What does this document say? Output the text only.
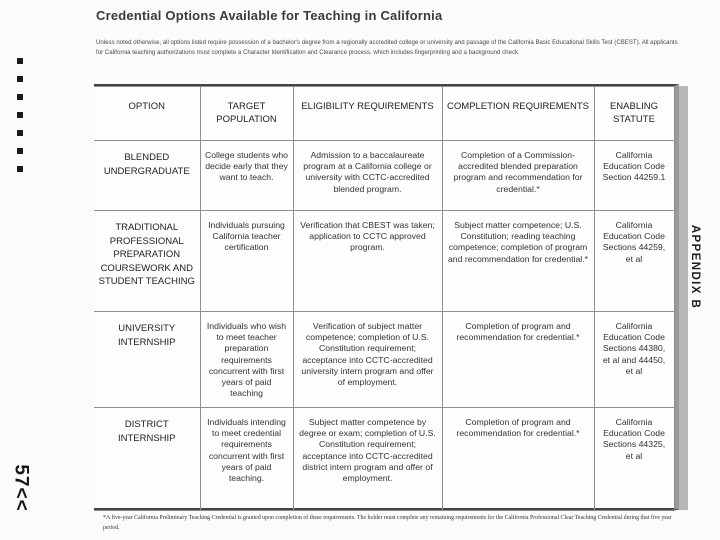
Credential Options Available for Teaching in California
Unless noted otherwise, all options listed require possession of a bachelor's degree from a regionally accredited college or university and passage of the California Basic Educational Skills Test (CBEST). All applicants for California teaching authorizations must complete a Character Identification and Clearance process, which includes fingerprinting and a background check.
57<<
APPENDIX B
OPTION	TARGET POPULATION	ELIGIBILITY REQUIREMENTS	COMPLETION REQUIREMENTS	ENABLING STATUTE
BLENDED UNDERGRADUATE	College students who decide early that they want to teach.	Admission to a baccalaureate program at a California college or university with CCTC-accredited blended program.	Completion of a Commission-accredited blended preparation program and recommendation for credential.*	California Education Code Section 44259.1
TRADITIONAL PROFESSIONAL PREPARATION COURSEWORK AND STUDENT TEACHING	Individuals pursuing California teacher certification	Verification that CBEST was taken; application to CCTC approved program.	Subject matter competence; U.S. Constitution; reading teaching competence; completion of program and recommendation for credential.*	California Education Code Sections 44259, et al
UNIVERSITY INTERNSHIP	Individuals who wish to meet teacher preparation requirements concurrent with first years of paid teaching	Verification of subject matter competence; completion of U.S. Constitution requirement; acceptance into CCTC-accredited university intern program and offer of employment.	Completion of program and recommendation for credential.*	California Education Code Sections 44380, et al and 44450, et al
DISTRICT INTERNSHIP	Individuals intending to meet credential requirements concurrent with first years of paid teaching.	Subject matter competence by degree or exam; completion of U.S. Constitution requirement; acceptance into CCTC-accredited district intern program and offer of employment.	Completion of program and recommendation for credential.*	California Education Code Sections 44325, et al
*A five-year California Preliminary Teaching Credential is granted upon completion of these requirements. The holder must complete any remaining requirements for the California Professional Clear Teaching Credential during that five year period.
